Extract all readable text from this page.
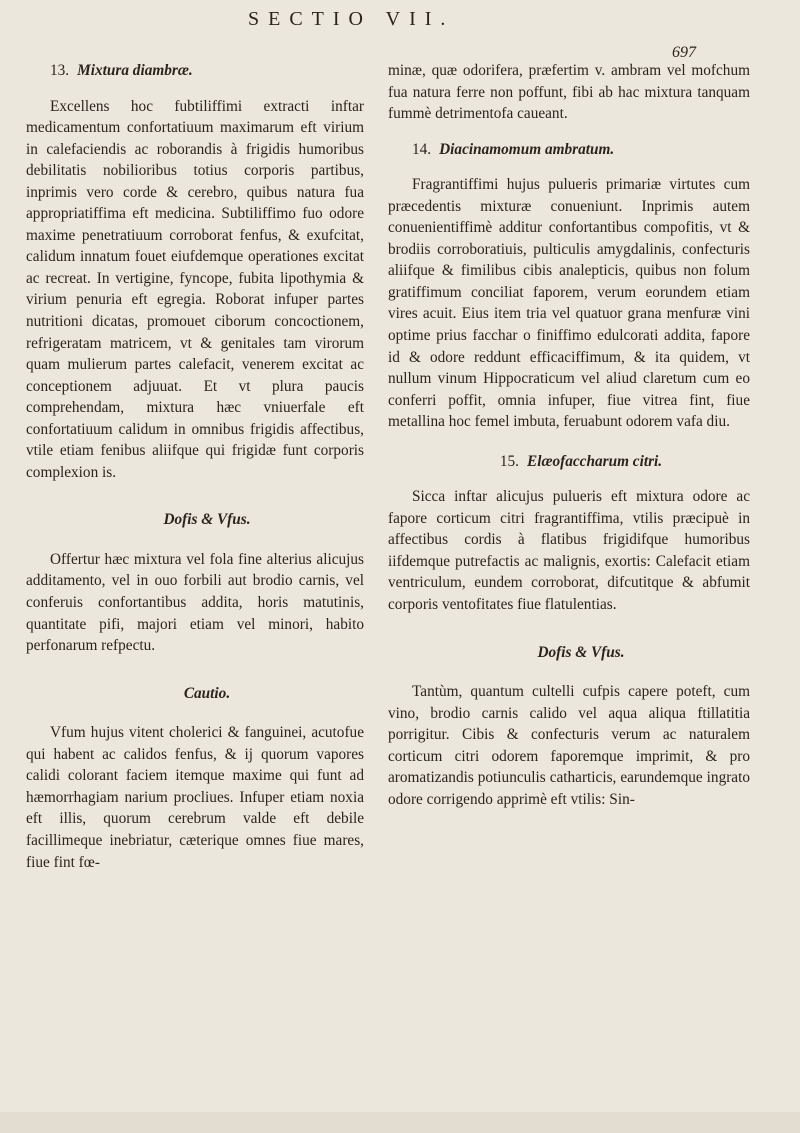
SECTIO VII.
697

13. Mixtura diambræ.

Excellens hoc fubtiliffimi extracti inftar medicamentum confortatiuum maximarum eft virium in calefaciendis ac roborandis à frigidis humoribus debilitatis nobilioribus totius corporis partibus, inprimis vero corde & cerebro, quibus natura fua appropriatiffima eft medicina. Subtiliffimo fuo odore maxime penetratiuum corroborat fenfus, & exufcitat, calidum innatum fouet eiufdemque operationes excitat ac recreat. In vertigine, fyncope, fubita lipothymia & virium penuria eft egregia. Roborat infuper partes nutritioni dicatas, promouet ciborum concoctionem, refrigeratam matricem, vt & genitales tam virorum quam mulierum partes calefacit, venerem excitat ac conceptionem adjuuat. Et vt plura paucis comprehendam, mixtura hæc vniuerfale eft confortatiuum calidum in omnibus frigidis affectibus, vtile etiam fenibus aliifque qui frigidæ funt corporis complexion is.

Dofis & Vfus.

Offertur hæc mixtura vel fola fine alterius alicujus additamento, vel in ouo forbili aut brodio carnis, vel conferuis confortantibus addita, horis matutinis, quantitate pifi, majori etiam vel minori, habito perfonarum refpectu.

Cautio.

Vfum hujus vitent cholerici & fanguinei, acutofue qui habent ac calidos fenfus, & ij quorum vapores calidi colorant faciem itemque maxime qui funt ad hæmorrhagiam narium procliues. Infuper etiam noxia eft illis, quorum cerebrum valde eft debile facillimeque inebriatur, cæterique omnes fiue mares, fiue fint fœ-

minæ, quæ odorifera, præfertim v. ambram vel mofchum fua natura ferre non poffunt, fibi ab hac mixtura tanquam fummè detrimentofa caueant.

14. Diacinamomum ambratum.

Fragrantiffimi hujus pulueris primariæ virtutes cum præcedentis mixturæ conueniunt. Inprimis autem conuenientiffimè additur confortantibus compofitis, vt & brodiis corroboratiuis, pulticulis amygdalinis, confecturis aliifque & fimilibus cibis analepticis, quibus non folum gratiffimum conciliat faporem, verum eorundem etiam vires acuit. Eius item tria vel quatuor grana menfuræ vini optime prius facchar o finiffimo edulcorati addita, fapore id & odore reddunt efficaciffimum, & ita quidem, vt nullum vinum Hippocraticum vel aliud claretum cum eo conferri poffit, omnia infuper, fiue vitrea fint, fiue metallina hoc femel imbuta, feruabunt odorem vafa diu.

15. Elæofaccharum citri.

Sicca inftar alicujus pulueris eft mixtura odore ac fapore corticum citri fragrantiffima, vtilis præcipuè in affectibus cordis à flatibus frigidifque humoribus iifdemque putrefactis ac malignis, exortis: Calefacit etiam ventriculum, eundem corroborat, difcutitque & abfumit corporis ventofitates fiue flatulentias.

Dofis & Vfus.

Tantùm, quantum cultelli cufpis capere poteft, cum vino, brodio carnis calido vel aqua aliqua ftillatitia porrigitur. Cibis & confecturis verum ac naturalem corticum citri odorem faporemque imprimit, & pro aromatizandis potiunculis catharticis, earundemque ingrato odore corrigendo apprimè eft vtilis: Sin-
